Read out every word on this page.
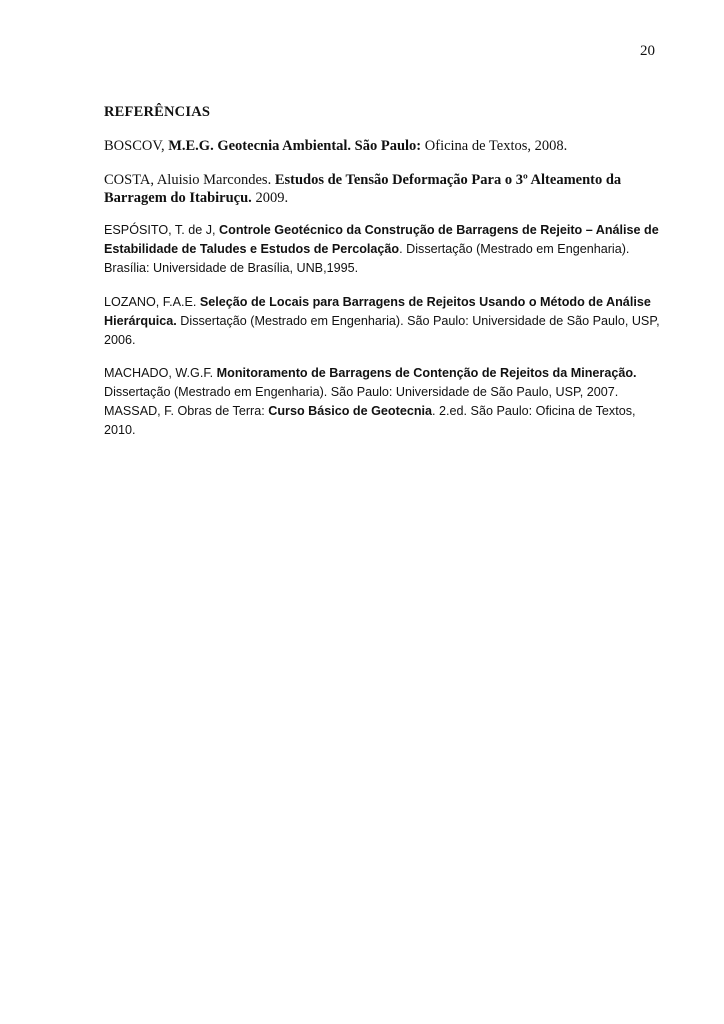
20
REFERÊNCIAS
BOSCOV, M.E.G. Geotecnia Ambiental. São Paulo: Oficina de Textos, 2008.
COSTA, Aluisio Marcondes. Estudos de Tensão Deformação Para o 3º Alteamento da Barragem do Itabiruçu. 2009.
ESPÓSITO, T. de J, Controle Geotécnico da Construção de Barragens de Rejeito – Análise de Estabilidade de Taludes e Estudos de Percolação. Dissertação (Mestrado em Engenharia). Brasília: Universidade de Brasília, UNB,1995.
LOZANO, F.A.E. Seleção de Locais para Barragens de Rejeitos Usando o Método de Análise Hierárquica. Dissertação (Mestrado em Engenharia). São Paulo: Universidade de São Paulo, USP, 2006.
MACHADO, W.G.F. Monitoramento de Barragens de Contenção de Rejeitos da Mineração. Dissertação (Mestrado em Engenharia). São Paulo: Universidade de São Paulo, USP, 2007.
MASSAD, F. Obras de Terra: Curso Básico de Geotecnia. 2.ed. São Paulo: Oficina de Textos, 2010.
